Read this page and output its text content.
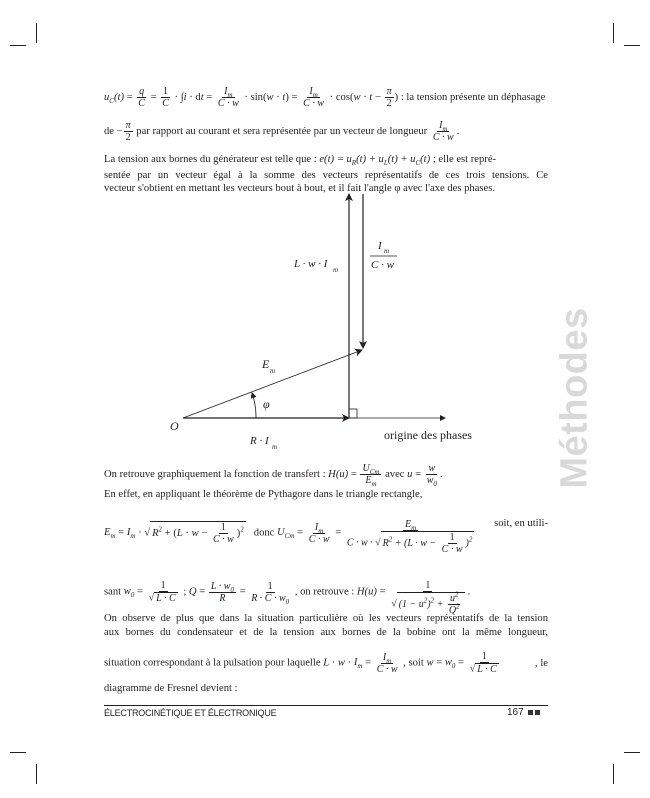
$u_C(t) = \frac{q}{C} = \frac{1}{C} \cdot \int i$ · dt = $\frac{I_m}{C \cdot w} \cdot \sin(w \cdot t) = \frac{I_m}{C \cdot w} \cdot \cos(w \cdot t - \frac{\pi}{2}$ ) : la tension présente un déphasage
de − $\frac{\pi}{2}$ par rapport au courant et sera représentée par un vecteur de longueur $\frac{I_m}{C \cdot w}$ .
La tension aux bornes du générateur est telle que : $e(t) = u_R(t) + u_L(t) + u_C(t)$ ; elle est repré-
sentée par un vecteur égal à la somme des vecteurs représentatifs de ces trois tensions. Ce
vecteur s'obtient en mettant les vecteurs bout à bout, et il fait l'angle φ avec l'axe des phases.
O
origine des phases
R · I m
L · w · I m
I m
C · w
E m
φ	Méthodes
On retrouve graphiquement la fonction de transfert : $H(u) = \frac{U_{Cm}}{E_m}$ avec $u = \frac{w}{w_0}$ .
En effet, en appliquant le théorème de Pythagore dans le triangle rectangle,
$E_m = I_m$ · √ $R^2 + (L \cdot w - \frac{1}{C \cdot w} )^2$ donc $U_{Cm} = \frac{I_m}{C \cdot w} = \frac{E_m}{C \cdot w \cdot √ R^2 + (L \cdot w - \frac{1}{C \cdot w} )^2}$ soit, en utili-
sant $w_0 = \frac{1}{√ L \cdot C}$ ; $Q = \frac{L \cdot w_0}{R} = \frac{1}{R \cdot C \cdot w_0}$ , on retrouve : $H(u) = \frac{1}{√ (1 - u^2)^2 + \frac{u^2}{Q^2}}$ .
On observe de plus que dans la situation particulière où les vecteurs représentatifs de la tension
aux bornes du condensateur et de la tension aux bornes de la bobine ont la même longueur,
situation correspondant à la pulsation pour laquelle $L \cdot w \cdot I_m = \frac{I_m}{C \cdot w}$ , soit $w = w_0 = \frac{1}{√ L \cdot C}$	, le
diagramme de Fresnel devient :
ÉLECTROCINÉTIQUE ET ÉLECTRONIQUE	167
